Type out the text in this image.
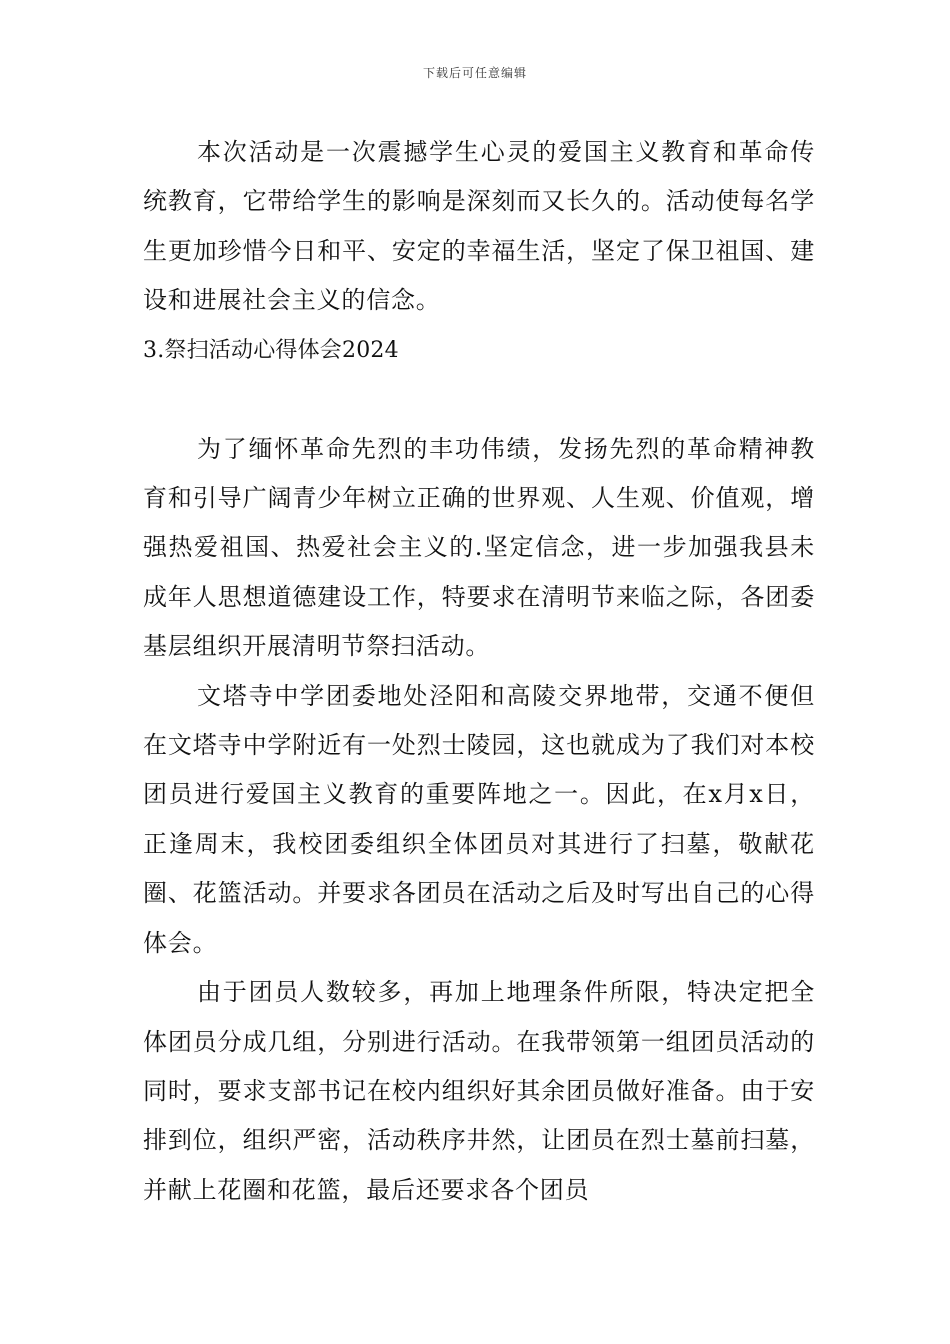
下载后可任意编辑

本次活动是一次震撼学生心灵的爱国主义教育和革命传统教育，它带给学生的影响是深刻而又长久的。活动使每名学生更加珍惜今日和平、安定的幸福生活，坚定了保卫祖国、建设和进展社会主义的信念。

3.祭扫活动心得体会2024

为了缅怀革命先烈的丰功伟绩，发扬先烈的革命精神教育和引导广阔青少年树立正确的世界观、人生观、价值观，增强热爱祖国、热爱社会主义的.坚定信念，进一步加强我县未成年人思想道德建设工作，特要求在清明节来临之际，各团委基层组织开展清明节祭扫活动。

文塔寺中学团委地处泾阳和高陵交界地带，交通不便但在文塔寺中学附近有一处烈士陵园，这也就成为了我们对本校团员进行爱国主义教育的重要阵地之一。因此，在x月x日，正逢周末，我校团委组织全体团员对其进行了扫墓，敬献花圈、花篮活动。并要求各团员在活动之后及时写出自己的心得体会。

由于团员人数较多，再加上地理条件所限，特决定把全体团员分成几组，分别进行活动。在我带领第一组团员活动的同时，要求支部书记在校内组织好其余团员做好准备。由于安排到位，组织严密，活动秩序井然，让团员在烈士墓前扫墓，并献上花圈和花篮，最后还要求各个团员
